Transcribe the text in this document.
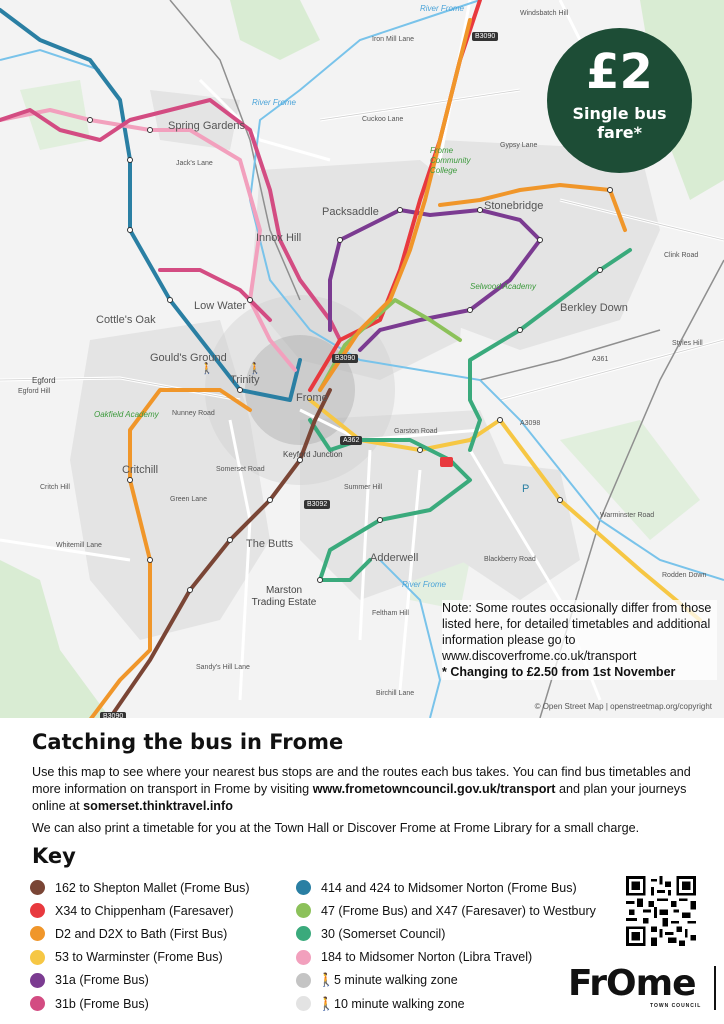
P
🚶	🚶
Spring Gardens
Innox Hill
Low Water
Cottle's Oak
Gould's Ground
Trinity
Frome
Packsaddle	Stonebridge
Berkley Down
Critchill
Keyford Junction
The Butts
Marston Trading Estate
Adderwell
Egford
Frome Community College
Selwood Academy
Oakfield Academy
River Frome
River Frome
River Frome
Iron Mill Lane
Cuckoo Lane
Jack's Lane
Critch Hill
Whitemill Lane
Nunney Road
Somerset Road
Green Lane
Garston Road
Summer Hill
Warminster Road
Rodden Down
Blackberry Road
Feltham Hill
Birchill Lane
Sandy's Hill Lane
Styles Hill
Clink Road
Gypsy Lane
Egford Hill
Windsbatch Hill
A361
A3098
B3090
B3090
B3092
B3090
A362
£2
Single bus
fare*
Note: Some routes occasionally differ from those listed here, for detailed timetables and additional information please go to www.discoverfrome.co.uk/transport
* Changing to £2.50 from 1st November
© Open Street Map | openstreetmap.org/copyright
Catching the bus in Frome

Use this map to see where your nearest bus stops are and the routes each bus takes. You can find bus timetables and more information on transport in Frome by visiting www.frometowncouncil.gov.uk/transport and plan your journeys online at somerset.thinktravel.info

We can also print a timetable for you at the Town Hall or Discover Frome at Frome Library for a small charge.

Key
162 to Shepton Mallet (Frome Bus)
X34 to Chippenham (Faresaver)
D2 and D2X to Bath (First Bus)
53 to Warminster (Frome Bus)
31a (Frome Bus)
31b (Frome Bus)
414 and 424 to Midsomer Norton (Frome Bus)
47 (Frome Bus) and X47 (Faresaver) to Westbury
30 (Somerset Council)
184 to Midsomer Norton (Libra Travel)
🚶 5 minute walking zone
🚶 10 minute walking zone	FrOme
TOWN COUNCIL
